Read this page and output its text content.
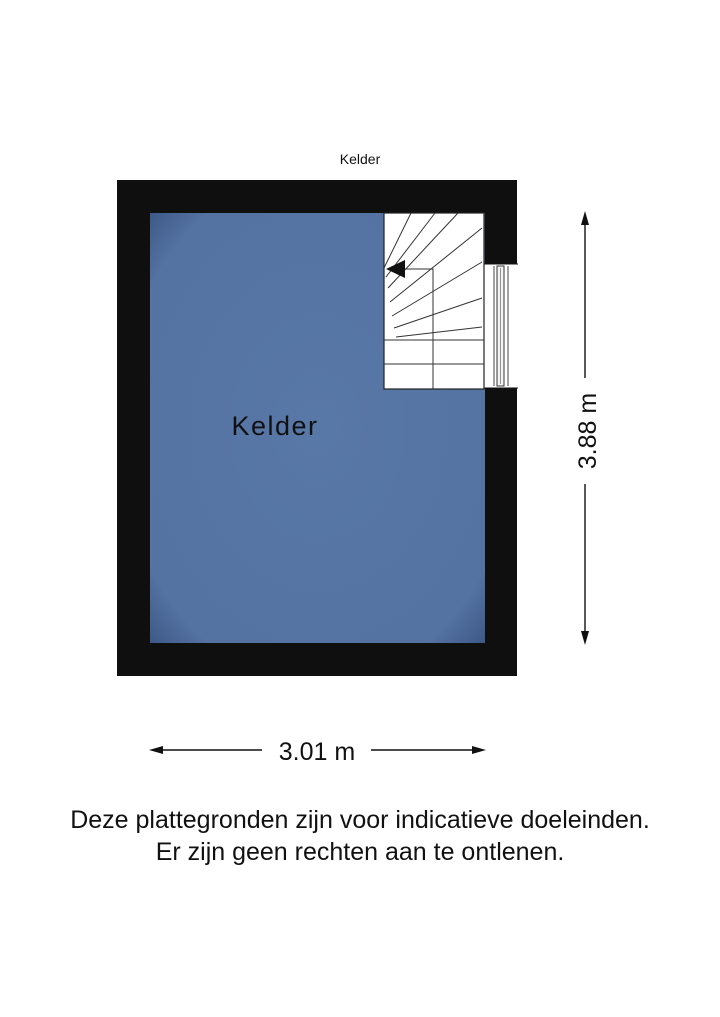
Kelder
Kelder	3.88 m
3.01 m
Deze plattegronden zijn voor indicatieve doeleinden.
Er zijn geen rechten aan te ontlenen.
